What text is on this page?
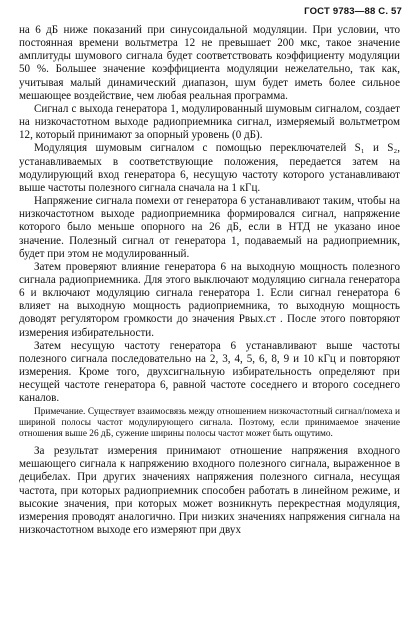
ГОСТ 9783—88 С. 57

на 6 дБ ниже показаний при синусоидальной модуляции. При условии, что постоянная времени вольтметра 12 не превышает 200 мкс, такое значение амплитуды шумового сигнала будет соответствовать коэффициенту модуляции 50 %. Большее значение коэффициента модуляции нежелательно, так как, учитывая малый динамический диапазон, шум будет иметь более сильное мешающее воздействие, чем любая реальная программа.

Сигнал с выхода генератора 1, модулированный шумовым сигналом, создает на низкочастотном выходе радиоприемника сигнал, измеряемый вольтметром 12, который принимают за опорный уровень (0 дБ).

Модуляция шумовым сигналом с помощью переключателей S₁ и S₂, устанавливаемых в соответствующие положения, передается затем на модулирующий вход генератора 6, несущую частоту которого устанавливают выше частоты полезного сигнала сначала на 1 кГц.

Напряжение сигнала помехи от генератора 6 устанавливают таким, чтобы на низкочастотном выходе радиоприемника формировался сигнал, напряжение которого было меньше опорного на 26 дБ, если в НТД не указано иное значение. Полезный сигнал от генератора 1, подаваемый на радиоприемник, будет при этом не модулированный.

Затем проверяют влияние генератора 6 на выходную мощность полезного сигнала радиоприемника. Для этого выключают модуляцию сигнала генератора 6 и включают модуляцию сигнала генератора 1. Если сигнал генератора 6 влияет на выходную мощность радиоприемника, то выходную мощность доводят регулятором громкости до значения Pвых.ст . После этого повторяют измерения избирательности.

Затем несущую частоту генератора 6 устанавливают выше частоты полезного сигнала последовательно на 2, 3, 4, 5, 6, 8, 9 и 10 кГц и повторяют измерения. Кроме того, двухсигнальную избирательность определяют при несущей частоте генератора 6, равной частоте соседнего и второго соседнего каналов.

Примечание. Существует взаимосвязь между отношением низкочастотный сигнал/помеха и шириной полосы частот модулирующего сигнала. Поэтому, если принимаемое значение отношения выше 26 дБ, сужение ширины полосы частот может быть ощутимо.

За результат измерения принимают отношение напряжения входного мешающего сигнала к напряжению входного полезного сигнала, выраженное в децибелах. При других значениях напряжения полезного сигнала, несущая частота, при которых радиоприемник способен работать в линейном режиме, и высокие значения, при которых может возникнуть перекрестная модуляция, измерения проводят аналогично. При низких значениях напряжения сигнала на низкочастотном выходе его измеряют при двух
